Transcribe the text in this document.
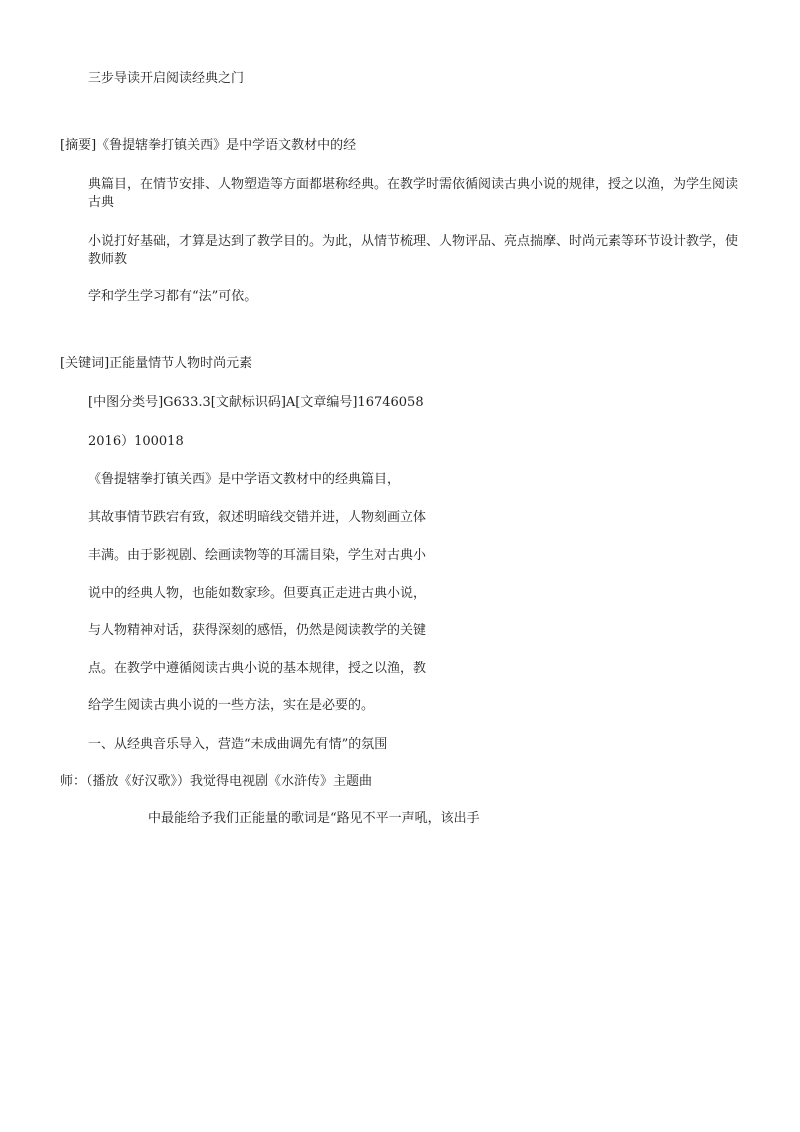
三步导读开启阅读经典之门
[摘要]《鲁提辖拳打镇关西》是中学语文教材中的经
典篇目，在情节安排、人物塑造等方面都堪称经典。在教学时需依循阅读古典小说的规律，授之以渔，为学生阅读古典
小说打好基础，才算是达到了教学目的。为此，从情节梳理、人物评品、亮点揣摩、时尚元素等环节设计教学，使教师教
学和学生学习都有“法”可依。
[关键词]正能量情节人物时尚元素
[中图分类号]G633.3[文献标识码]A[文章编号]16746058
2016）100018
《鲁提辖拳打镇关西》是中学语文教材中的经典篇目，
其故事情节跌宕有致，叙述明暗线交错并进，人物刻画立体
丰满。由于影视剧、绘画读物等的耳濡目染，学生对古典小
说中的经典人物，也能如数家珍。但要真正走进古典小说，
与人物精神对话，获得深刻的感悟，仍然是阅读教学的关键
点。在教学中遵循阅读古典小说的基本规律，授之以渔，教
给学生阅读古典小说的一些方法，实在是必要的。
一、从经典音乐导入，营造“未成曲调先有情”的氛围
师：（播放《好汉歌》）我觉得电视剧《水浒传》主题曲
中最能给予我们正能量的歌词是“路见不平一声吼，该出手
